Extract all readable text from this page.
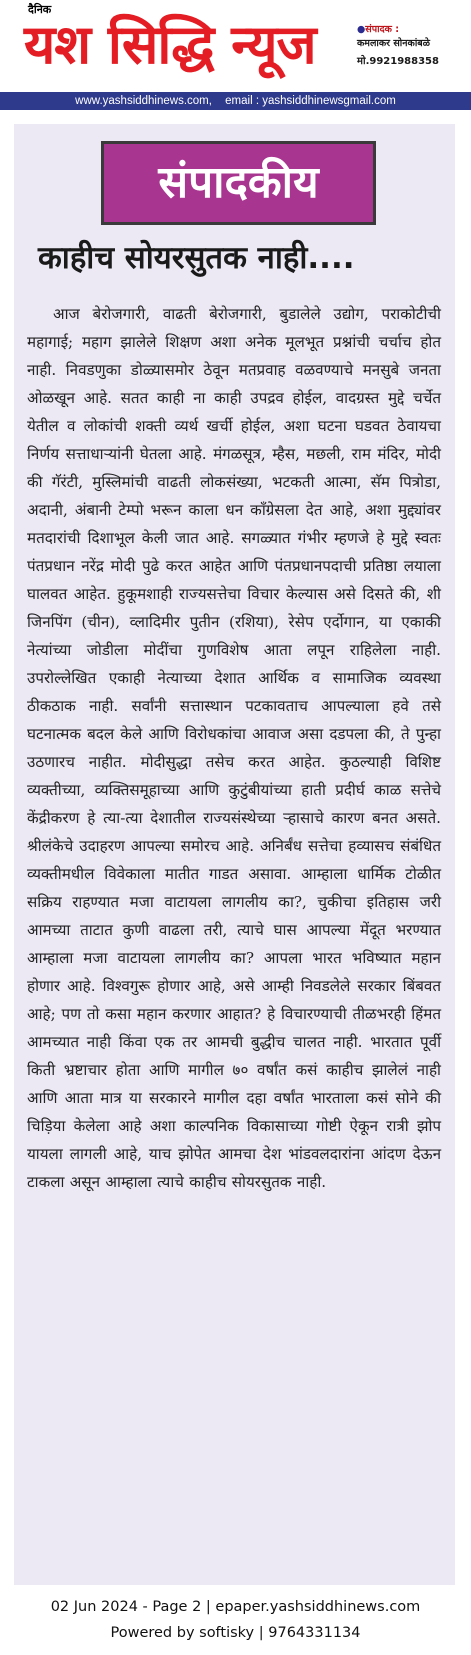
दैनिक
यश सिद्धि न्यूज	●संपादक :
कमलाकर सोनकांबळे
मो.9921988358
www.yashsiddhinews.com, email : yashsiddhinewsgmail.com
संपादकीय
काहीच सोयरसुतक नाही....

आज बेरोजगारी, वाढती बेरोजगारी, बुडालेले उद्योग, पराकोटीची महागाई; महाग झालेले शिक्षण अशा अनेक मूलभूत प्रश्नांची चर्चाच होत नाही. निवडणुका डोळ्यासमोर ठेवून मतप्रवाह वळवण्याचे मनसुबे जनता ओळखून आहे. सतत काही ना काही उपद्रव होईल, वादग्रस्त मुद्दे चर्चेत येतील व लोकांची शक्ती व्यर्थ खर्ची होईल, अशा घटना घडवत ठेवायचा निर्णय सत्ताधाऱ्यांनी घेतला आहे. मंगळसूत्र, म्हैस, मछली, राम मंदिर, मोदी की गॅरंटी, मुस्लिमांची वाढती लोकसंख्या, भटकती आत्मा, सॅम पित्रोडा, अदानी, अंबानी टेम्पो भरून काला धन काँग्रेसला देत आहे, अशा मुद्द्यांवर मतदारांची दिशाभूल केली जात आहे. सगळ्यात गंभीर म्हणजे हे मुद्दे स्वतः पंतप्रधान नरेंद्र मोदी पुढे करत आहेत आणि पंतप्रधानपदाची प्रतिष्ठा लयाला घालवत आहेत. हुकूमशाही राज्यसत्तेचा विचार केल्यास असे दिसते की, शी जिनपिंग (चीन), व्लादिमीर पुतीन (रशिया), रेसेप एर्दोगान, या एकाकी नेत्यांच्या जोडीला मोदींचा गुणविशेष आता लपून राहिलेला नाही. उपरोल्लेखित एकाही नेत्याच्या देशात आर्थिक व सामाजिक व्यवस्था ठीकठाक नाही. सर्वांनी सत्तास्थान पटकावताच आपल्याला हवे तसे घटनात्मक बदल केले आणि विरोधकांचा आवाज असा दडपला की, ते पुन्हा उठणारच नाहीत. मोदीसुद्धा तसेच करत आहेत. कुठल्याही विशिष्ट व्यक्तीच्या, व्यक्तिसमूहाच्या आणि कुटुंबीयांच्या हाती प्रदीर्घ काळ सत्तेचे केंद्रीकरण हे त्या-त्या देशातील राज्यसंस्थेच्या ऱ्हासाचे कारण बनत असते. श्रीलंकेचे उदाहरण आपल्या समोरच आहे. अनिर्बंध सत्तेचा हव्यासच संबंधित व्यक्तीमधील विवेकाला मातीत गाडत असावा. आम्हाला धार्मिक टोळीत सक्रिय राहण्यात मजा वाटायला लागलीय का?, चुकीचा इतिहास जरी आमच्या ताटात कुणी वाढला तरी, त्याचे घास आपल्या मेंदूत भरण्यात आम्हाला मजा वाटायला लागलीय का? आपला भारत भविष्यात महान होणार आहे. विश्वगुरू होणार आहे, असे आम्ही निवडलेले सरकार बिंबवत आहे; पण तो कसा महान करणार आहात? हे विचारण्याची तीळभरही हिंमत आमच्यात नाही किंवा एक तर आमची बुद्धीच चालत नाही. भारतात पूर्वी किती भ्रष्टाचार होता आणि मागील ७० वर्षांत कसं काहीच झालेलं नाही आणि आता मात्र या सरकारने मागील दहा वर्षांत भारताला कसं सोने की चिड़िया केलेला आहे अशा काल्पनिक विकासाच्या गोष्टी ऐकून रात्री झोप यायला लागली आहे, याच झोपेत आमचा देश भांडवलदारांना आंदण देऊन टाकला असून आम्हाला त्याचे काहीच सोयरसुतक नाही.

02 Jun 2024 - Page 2 | epaper.yashsiddhinews.com
Powered by softisky | 9764331134
